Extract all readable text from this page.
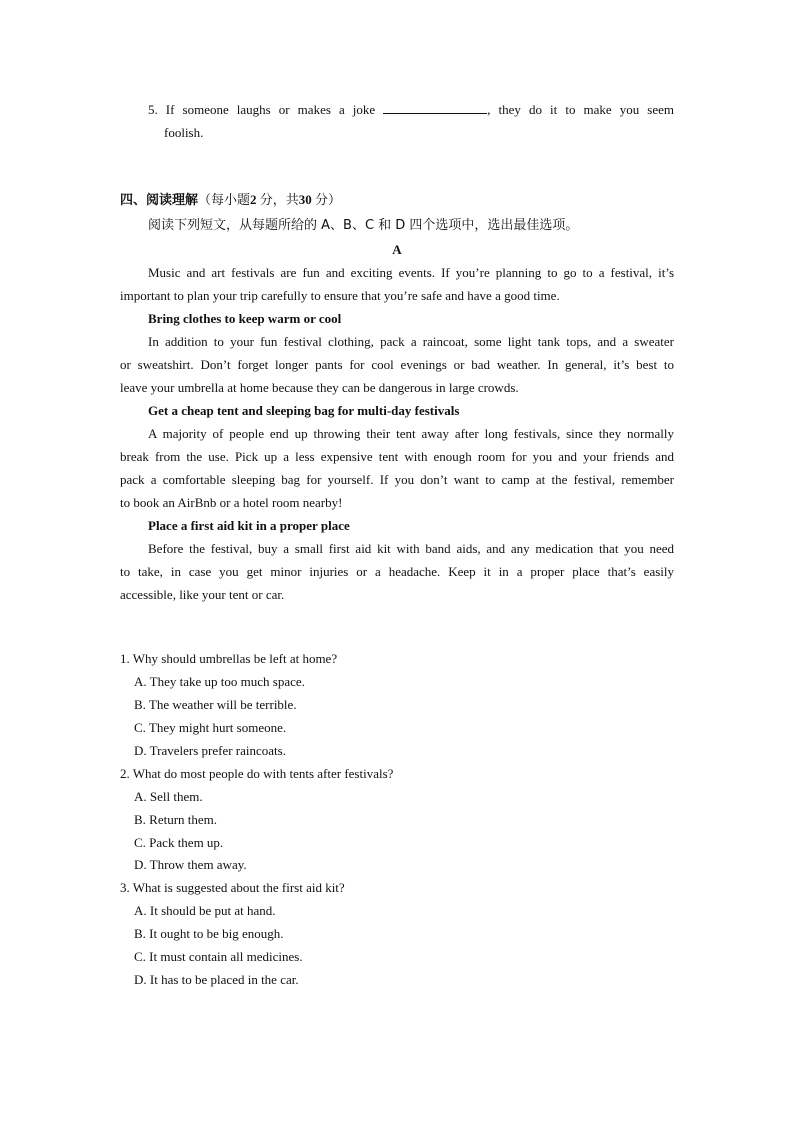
5. If someone laughs or makes a joke	, they do it to make you seem
foolish.
四、阅读理解（每小题2 分，共30 分）
阅读下列短文，从每题所给的 A、B、C 和 D 四个选项中，选出最佳选项。
A
Music and art festivals are fun and exciting events. If you’re planning to go to a festival, it’s
important to plan your trip carefully to ensure that you’re safe and have a good time.
Bring clothes to keep warm or cool
In addition to your fun festival clothing, pack a raincoat, some light tank tops, and a sweater
or sweatshirt. Don’t forget longer pants for cool evenings or bad weather. In general, it’s best to
leave your umbrella at home because they can be dangerous in large crowds.
Get a cheap tent and sleeping bag for multi-day festivals
A majority of people end up throwing their tent away after long festivals, since they normally
break from the use. Pick up a less expensive tent with enough room for you and your friends and
pack a comfortable sleeping bag for yourself. If you don’t want to camp at the festival, remember
to book an AirBnb or a hotel room nearby!
Place a first aid kit in a proper place
Before the festival, buy a small first aid kit with band aids, and any medication that you need
to take, in case you get minor injuries or a headache. Keep it in a proper place that’s easily
accessible, like your tent or car.
1. Why should umbrellas be left at home?
A. They take up too much space.
B. The weather will be terrible.
C. They might hurt someone.
D. Travelers prefer raincoats.
2. What do most people do with tents after festivals?
A. Sell them.
B. Return them.
C. Pack them up.
D. Throw them away.
3. What is suggested about the first aid kit?
A. It should be put at hand.
B. It ought to be big enough.
C. It must contain all medicines.
D. It has to be placed in the car.
